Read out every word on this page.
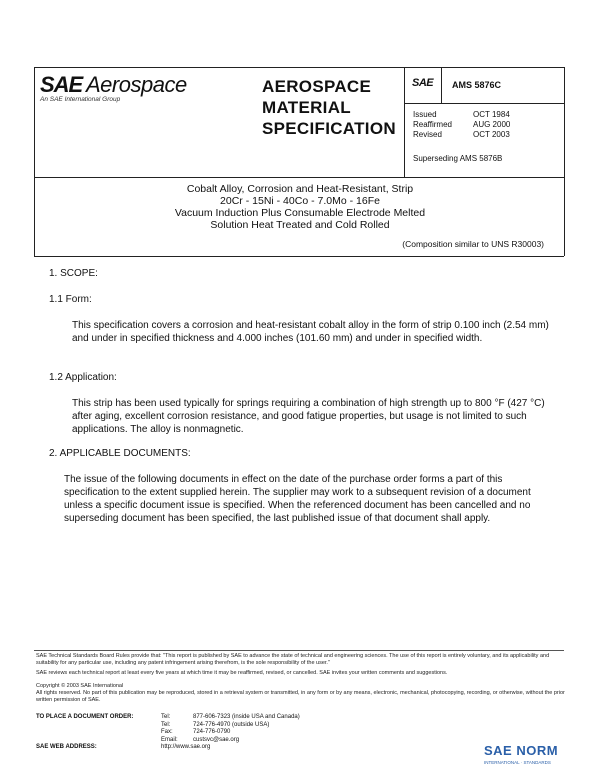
SAE Aerospace
An SAE International Group
AEROSPACE
MATERIAL
SPECIFICATION
SAE AMS 5876C
Issued	OCT 1984
Reaffirmed	AUG 2000
Revised	OCT 2003
Superseding AMS 5876B
Cobalt Alloy, Corrosion and Heat-Resistant, Strip
20Cr - 15Ni - 40Co - 7.0Mo - 16Fe
Vacuum Induction Plus Consumable Electrode Melted
Solution Heat Treated and Cold Rolled
(Composition similar to UNS R30003)
1. SCOPE:
1.1 Form:
This specification covers a corrosion and heat-resistant cobalt alloy in the form of strip 0.100 inch (2.54 mm) and under in specified thickness and 4.000 inches (101.60 mm) and under in specified width.
1.2 Application:
This strip has been used typically for springs requiring a combination of high strength up to 800 °F (427 °C) after aging, excellent corrosion resistance, and good fatigue properties, but usage is not limited to such applications. The alloy is nonmagnetic.
2. APPLICABLE DOCUMENTS:
The issue of the following documents in effect on the date of the purchase order forms a part of this specification to the extent supplied herein. The supplier may work to a subsequent revision of a document unless a specific document issue is specified. When the referenced document has been cancelled and no superseding document has been specified, the last published issue of that document shall apply.
SAE Technical Standards Board Rules provide that: "This report is published by SAE to advance the state of technical and engineering sciences. The use of this report is entirely voluntary, and its applicability and suitability for any particular use, including any patent infringement arising therefrom, is the sole responsibility of the user."
SAE reviews each technical report at least every five years at which time it may be reaffirmed, revised, or cancelled. SAE invites your written comments and suggestions.
Copyright © 2003 SAE International
All rights reserved. No part of this publication may be reproduced, stored in a retrieval system or transmitted, in any form or by any means, electronic, mechanical, photocopying, recording, or otherwise, without the prior written permission of SAE.
TO PLACE A DOCUMENT ORDER:	Tel:	877-606-7323 (inside USA and Canada)
	Tel:	724-776-4970 (outside USA)
	Fax:	724-776-0790
	Email:	custsvc@sae.org
SAE WEB ADDRESS:	http://www.sae.org		SAE NORM
INTERNATIONAL · STANDARDS
